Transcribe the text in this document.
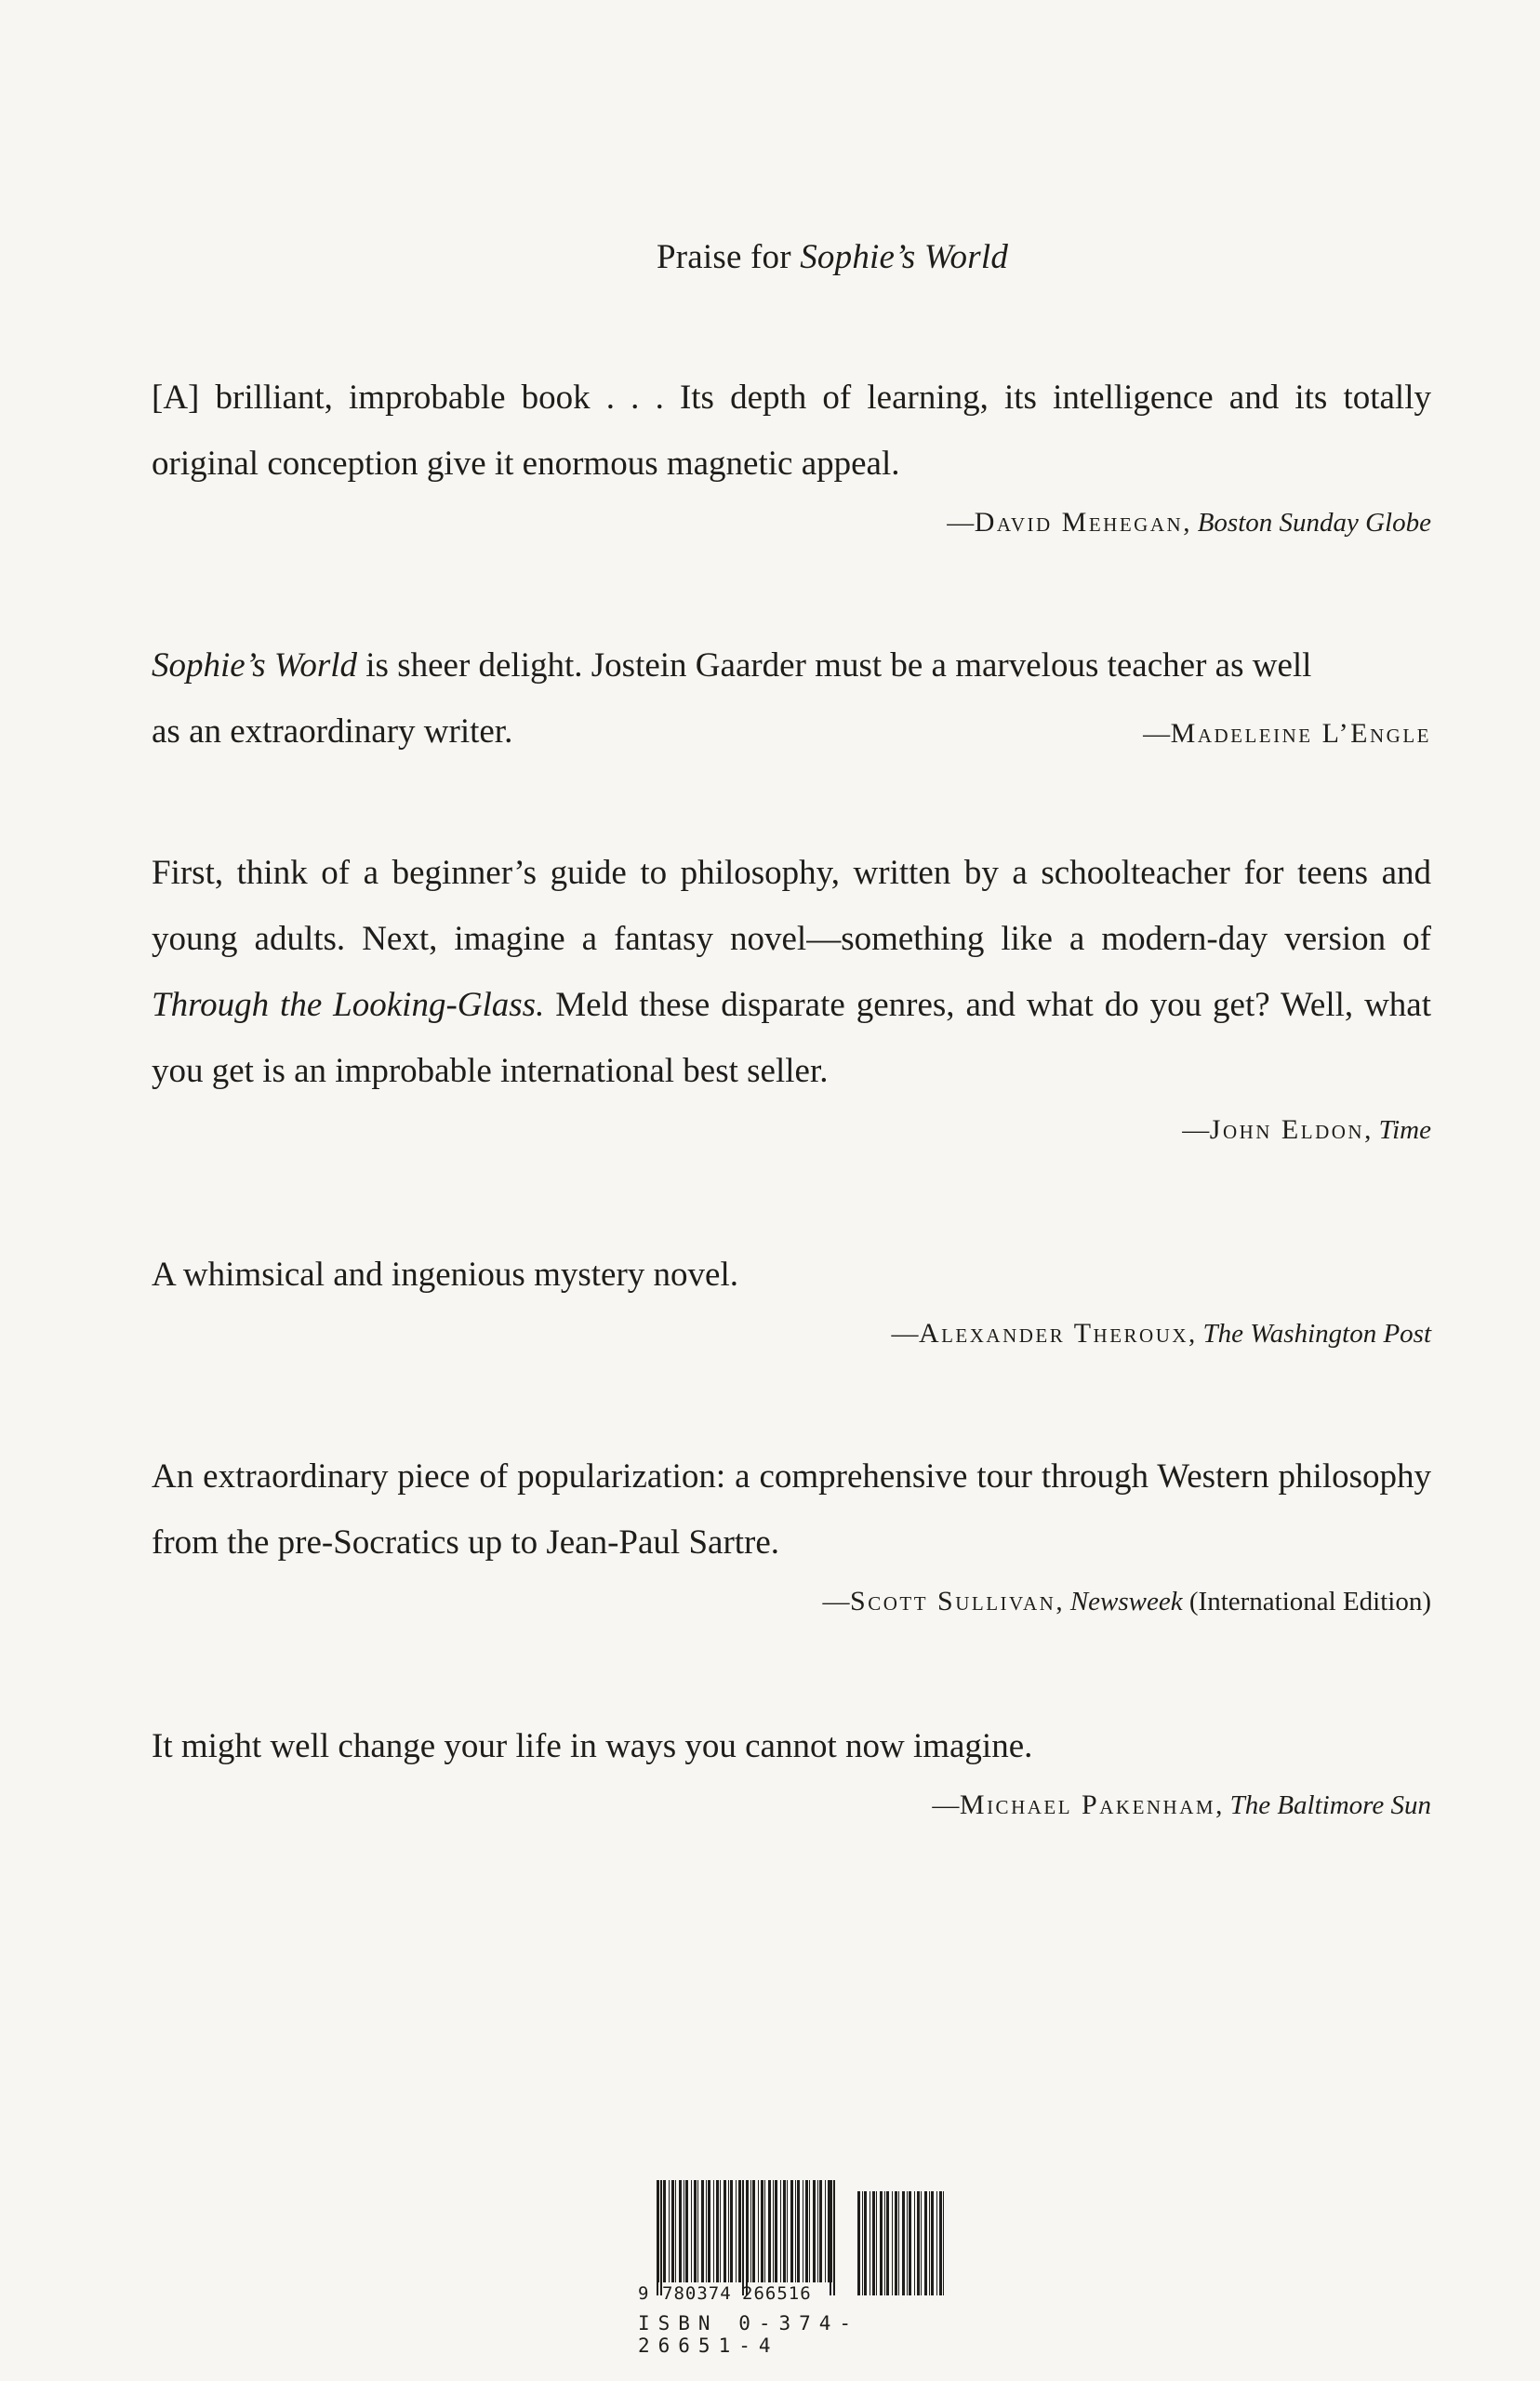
Praise for Sophie’s World

[A] brilliant, improbable book . . . Its depth of learning, its intelligence and its totally original conception give it enormous magnetic appeal.

—David Mehegan, Boston Sunday Globe

Sophie’s World is sheer delight. Jostein Gaarder must be a marvelous teacher as well

as an extraordinary writer.	—Madeleine L’Engle

First, think of a beginner’s guide to philosophy, written by a schoolteacher for teens and young adults. Next, imagine a fantasy novel—something like a modern-day version of Through the Looking-Glass. Meld these disparate genres, and what do you get? Well, what you get is an improbable international best seller.

—John Eldon, Time

A whimsical and ingenious mystery novel.

—Alexander Theroux, The Washington Post

An extraordinary piece of popularization: a comprehensive tour through Western philosophy from the pre-Socratics up to Jean-Paul Sartre.

—Scott Sullivan, Newsweek (International Edition)

It might well change your life in ways you cannot now imagine.

—Michael Pakenham, The Baltimore Sun
9 780374 266516
ISBN 0-374-26651-4
